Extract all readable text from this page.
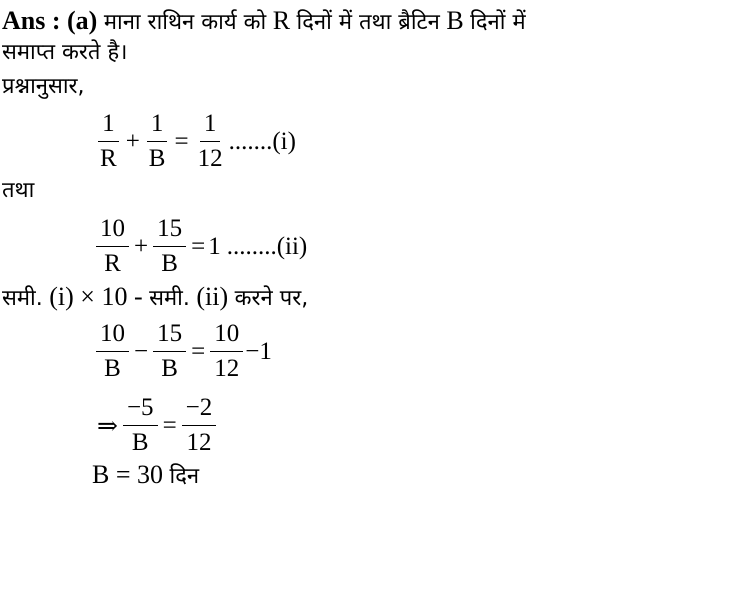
Ans : (a) माना राथिन कार्य को R दिनों में तथा ब्रैटिन B दिनों में
समाप्त करते है।
प्रश्नानुसार,
$\frac{1}{R} + \frac{1}{B} = \frac{1}{12} .......(i)$
तथा
$\frac{10}{R} + \frac{15}{B} = 1$ ........(ii)
समी. (i) × 10 - समी. (ii) करने पर,
$\frac{10}{B} - \frac{15}{B} = \frac{10}{12} -1$
⇒ $\frac{-5}{B} = \frac{-2}{12}$
B = 30 दिन
